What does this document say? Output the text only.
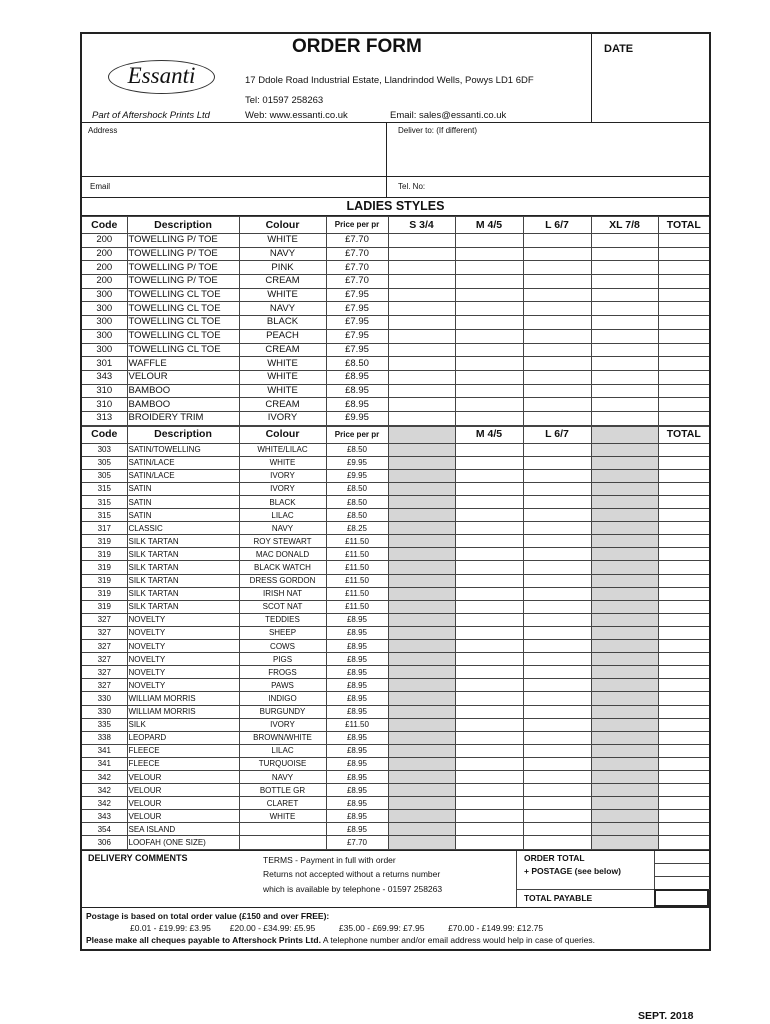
ORDER FORM
Essanti
Part of Aftershock Prints Ltd
17 Ddole Road Industrial Estate, Llandrindod Wells, Powys LD1 6DF
Tel: 01597 258263
Web: www.essanti.co.uk	Email: sales@essanti.co.uk
DATE
Address	Deliver to: (If different)
Email	Tel. No:
LADIES STYLES
Code	Description	Colour	Price per pr	S 3/4	M 4/5	L 6/7	XL 7/8	TOTAL
200	TOWELLING P/ TOE	WHITE	£7.70					
200	TOWELLING P/ TOE	NAVY	£7.70					
200	TOWELLING P/ TOE	PINK	£7.70					
200	TOWELLING P/ TOE	CREAM	£7.70					
300	TOWELLING CL TOE	WHITE	£7.95					
300	TOWELLING CL TOE	NAVY	£7.95					
300	TOWELLING CL TOE	BLACK	£7.95					
300	TOWELLING CL TOE	PEACH	£7.95					
300	TOWELLING CL TOE	CREAM	£7.95					
301	WAFFLE	WHITE	£8.50					
343	VELOUR	WHITE	£8.95					
310	BAMBOO	WHITE	£8.95					
310	BAMBOO	CREAM	£8.95					
313	BROIDERY TRIM	IVORY	£9.95					
Code	Description	Colour	Price per pr		M 4/5	L 6/7		TOTAL
303	SATIN/TOWELLING	WHITE/LILAC	£8.50					
305	SATIN/LACE	WHITE	£9.95					
305	SATIN/LACE	IVORY	£9.95					
315	SATIN	IVORY	£8.50					
315	SATIN	BLACK	£8.50					
315	SATIN	LILAC	£8.50					
317	CLASSIC	NAVY	£8.25					
319	SILK TARTAN	ROY STEWART	£11.50					
319	SILK TARTAN	MAC DONALD	£11.50					
319	SILK TARTAN	BLACK WATCH	£11.50					
319	SILK TARTAN	DRESS GORDON	£11.50					
319	SILK TARTAN	IRISH NAT	£11.50					
319	SILK TARTAN	SCOT NAT	£11.50					
327	NOVELTY	TEDDIES	£8.95					
327	NOVELTY	SHEEP	£8.95					
327	NOVELTY	COWS	£8.95					
327	NOVELTY	PIGS	£8.95					
327	NOVELTY	FROGS	£8.95					
327	NOVELTY	PAWS	£8.95					
330	WILLIAM MORRIS	INDIGO	£8.95					
330	WILLIAM MORRIS	BURGUNDY	£8.95					
335	SILK	IVORY	£11.50					
338	LEOPARD	BROWN/WHITE	£8.95					
341	FLEECE	LILAC	£8.95					
341	FLEECE	TURQUOISE	£8.95					
342	VELOUR	NAVY	£8.95					
342	VELOUR	BOTTLE GR	£8.95					
342	VELOUR	CLARET	£8.95					
343	VELOUR	WHITE	£8.95					
354	SEA ISLAND		£8.95					
306	LOOFAH (ONE SIZE)		£7.70					
DELIVERY COMMENTS	TERMS - Payment in full with order
Returns not accepted without a returns number
which is available by telephone - 01597 258263
ORDER TOTAL
+ POSTAGE (see below)
TOTAL PAYABLE
Postage is based on total order value (£150 and over FREE):
£0.01 - £19.99: £3.95 £20.00 - £34.99: £5.95	£35.00 - £69.99: £7.95	£70.00 - £149.99: £12.75
Please make all cheques payable to Aftershock Prints Ltd. A telephone number and/or email address would help in case of queries.
SEPT. 2018
